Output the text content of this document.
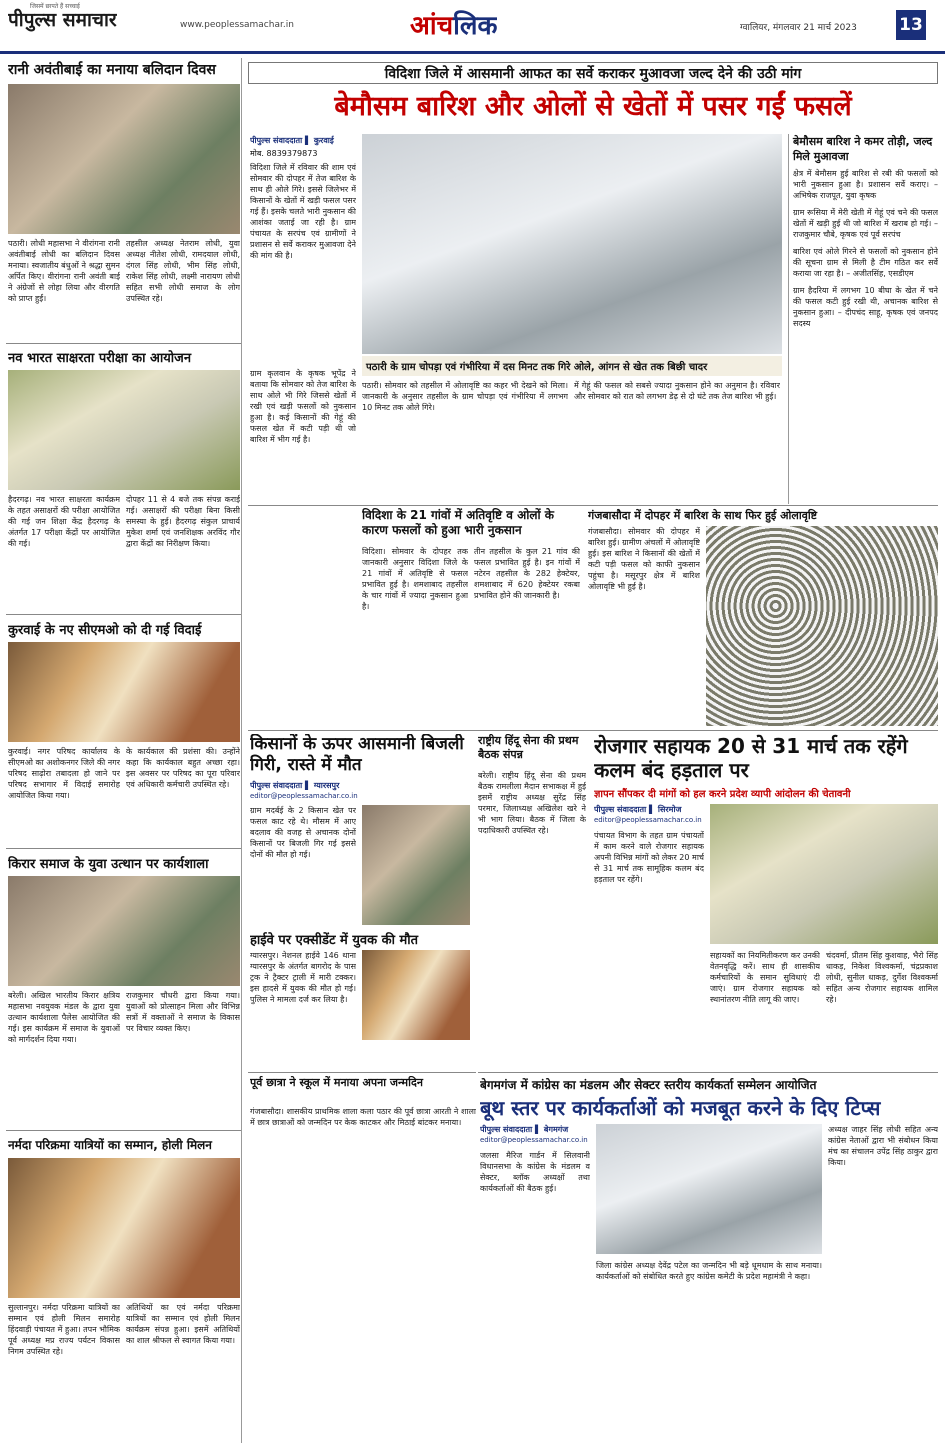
जिसमें छापते हैं सच्चाई
पीपुल्स समाचार	www.peoplessamachar.in	आंचलिक	ग्वालियर, मंगलवार 21 मार्च 2023 13
रानी अवंतीबाई का मनाया बलिदान दिवस
पठारी। लोधी महासभा ने वीरांगना रानी अवंतीबाई लोधी का बलिदान दिवस मनाया। स्वजातीय बंधुओं ने श्रद्धा सुमन अर्पित किए। वीरांगना रानी अवंती बाई ने अंग्रेजों से लोहा लिया और वीरगति को प्राप्त हुईं।
तहसील अध्यक्ष नेतराम लोधी, युवा अध्यक्ष नीतेश लोधी, रामदयाल लोधी, दंगल सिंह लोधी, भीम सिंह लोधी, राकेश सिंह लोधी, लक्ष्मी नारायण लोधी सहित सभी लोधी समाज के लोग उपस्थित रहे।
नव भारत साक्षरता परीक्षा का आयोजन
हैदरगढ़। नव भारत साक्षरता कार्यक्रम के तहत असाक्षरों की परीक्षा आयोजित की गई जन शिक्षा केंद्र हैदरगढ़ के अंतर्गत 17 परीक्षा केंद्रों पर आयोजित की गई।
दोपहर 11 से 4 बजे तक संपन्न कराई गई। असाक्षरों की परीक्षा बिना किसी समस्या के हुई। हैदरगढ़ संकुल प्राचार्य मुकेश शर्मा एवं जनशिक्षक अरविंद गौर द्वारा केंद्रों का निरीक्षण किया।
कुरवाई के नए सीएमओ को दी गई विदाई
कुरवाई। नगर परिषद कार्यालय के सीएमओ का अशोकनगर जिले की नगर परिषद साढ़ोरा तबादला हो जाने पर परिषद सभागार में विदाई समारोह आयोजित किया गया।
के कार्यकाल की प्रशंसा की। उन्होंने कहा कि कार्यकाल बहुत अच्छा रहा। इस अवसर पर परिषद का पूरा परिवार एवं अधिकारी कर्मचारी उपस्थित रहे।
किरार समाज के युवा उत्थान पर कार्यशाला
बरेली। अखिल भारतीय किरार क्षत्रिय महासभा नवयुवक मंडल के द्वारा युवा उत्थान कार्यशाला पैलेस आयोजित की गई। इस कार्यक्रम में समाज के युवाओं को मार्गदर्शन दिया गया।
राजकुमार चौधरी द्वारा किया गया। युवाओं को प्रोत्साहन मिला और विभिन्न सत्रों में वक्ताओं ने समाज के विकास पर विचार व्यक्त किए।
नर्मदा परिक्रमा यात्रियों का सम्मान, होली मिलन
सुल्तानपुर। नर्मदा परिक्रमा यात्रियों का सम्मान एवं होली मिलन समारोह हिंदवाड़ी पंचायत में हुआ। तपन भौमिक पूर्व अध्यक्ष मप्र राज्य पर्यटन विकास निगम उपस्थित रहे।
अतिथियों का एवं नर्मदा परिक्रमा यात्रियों का सम्मान एवं होली मिलन कार्यक्रम संपन्न हुआ। इसमें अतिथियों का शाल श्रीफल से स्वागत किया गया।
विदिशा जिले में आसमानी आफत का सर्वे कराकर मुआवजा जल्द देने की उठी मांग
बेमौसम बारिश और ओलों से खेतों में पसर गईं फसलें
पीपुल्स संवाददाता ▌ कुरवाई
मोब. 8839379873
विदिशा जिले में रविवार की शाम एवं सोमवार की दोपहर में तेज बारिश के साथ ही ओले गिरे। इससे जिलेभर में किसानों के खेतों में खड़ी फसल पसर गई हैं। इसके चलते भारी नुकसान की आशंका जताई जा रही है। ग्राम पंचायत के सरपंच एवं ग्रामीणों ने प्रशासन से सर्वे कराकर मुआवजा देने की मांग की है।
ग्राम कृलवान के कृषक भूपेंद्र ने बताया कि सोमवार को तेज बारिश के साथ ओले भी गिरे जिससे खेतों में रखी एवं खड़ी फसलों को नुकसान हुआ है। कई किसानों की गेहूं की फसल खेत में कटी पड़ी थी जो बारिश में भीग गई है।
पठारी के ग्राम चोपड़ा एवं गंभीरिया में दस मिनट तक गिरे ओले, आंगन से खेत तक बिछी चादर
पठारी। सोमवार को तहसील में ओलावृष्टि का कहर भी देखने को मिला। जानकारी के अनुसार तहसील के ग्राम चोपड़ा एवं गंभीरिया में लगभग 10 मिनट तक ओले गिरे।
में गेहूं की फसल को सबसे ज्यादा नुकसान होने का अनुमान है। रविवार और सोमवार को रात को लगभग डेढ़ से दो घंटे तक तेज बारिश भी हुई।
बेमौसम बारिश ने कमर तोड़ी, जल्द मिले मुआवजा
क्षेत्र में बेमौसम हुई बारिश से रबी की फसलों को भारी नुकसान हुआ है। प्रशासन सर्वे कराए। – अभिषेक राजपूत, युवा कृषक
ग्राम रूसिया में मेरी खेती में गेहूं एवं चने की फसल खेतों में खड़ी हुई थी जो बारिश में खराब हो गई। – राजकुमार चौबे, कृषक एवं पूर्व सरपंच
बारिश एवं ओले गिरने से फसलों को नुकसान होने की सूचना ग्राम से मिली है टीम गठित कर सर्वे कराया जा रहा है। – अजीतसिंह, एसडीएम
ग्राम हैदरिया में लगभग 10 बीघा के खेत में चने की फसल कटी हुई रखी थी, अचानक बारिश से नुकसान हुआ। – दीपचंद साहू, कृषक एवं जनपद सदस्य
विदिशा के 21 गांवों में अतिवृष्टि व ओलों के कारण फसलों को हुआ भारी नुकसान
विदिशा। सोमवार के दोपहर तक जानकारी अनुसार विदिशा जिले के 21 गांवों में अतिवृष्टि से फसल प्रभावित हुई है। शमशाबाद तहसील के चार गांवों में ज्यादा नुकसान हुआ है।
तीन तहसील के कुल 21 गांव की फसल प्रभावित हुई है। इन गांवों में नटेरन तहसील के 282 हेक्टेयर, शमशाबाद में 620 हेक्टेयर रकबा प्रभावित होने की जानकारी है।
गंजबासौदा में दोपहर में बारिश के साथ फिर हुई ओलावृष्टि
गंजबासौदा। सोमवार की दोपहर में बारिश हुई। ग्रामीण अंचलों में ओलावृष्टि हुई। इस बारिश ने किसानों की खेतों में कटी पड़ी फसल को काफी नुकसान पहुंचा है। मसूरपुर क्षेत्र में बारिश ओलावृष्टि भी हुई है।
किसानों के ऊपर आसमानी बिजली गिरी, रास्ते में मौत
पीपुल्स संवाददाता ▌ ग्यारसपुर
editor@peoplessamachar.co.in
ग्राम मदर्बई के 2 किसान खेत पर फसल काट रहे थे। मौसम में आए बदलाव की वजह से अचानक दोनों किसानों पर बिजली गिर गई इससे दोनों की मौत हो गई।
हाईवे पर एक्सीडेंट में युवक की मौत
ग्यारसपुर। नेशनल हाईवे 146 थाना ग्यारसपुर के अंतर्गत बागरोद के पास ट्रक ने ट्रैक्टर ट्राली में मारी टक्कर। इस हादसे में युवक की मौत हो गई। पुलिस ने मामला दर्ज कर लिया है।
पूर्व छात्रा ने स्कूल में मनाया अपना जन्मदिन
गंजबासौदा। शासकीय प्राथमिक शाला कला पठार की पूर्व छात्रा आरती ने शाला में छात्र छात्राओं को जन्मदिन पर केक काटकर और मिठाई बांटकर मनाया।
राष्ट्रीय हिंदू सेना की प्रथम बैठक संपन्न
बरेली। राष्ट्रीय हिंदू सेना की प्रथम बैठक रामलीला मैदान सभाकक्ष में हुई इसमें राष्ट्रीय अध्यक्ष सुरेंद्र सिंह परमार, जिलाध्यक्ष अखिलेश खरे ने भी भाग लिया। बैठक में जिला के पदाधिकारी उपस्थित रहे।
रोजगार सहायक 20 से 31 मार्च तक रहेंगे कलम बंद हड़ताल पर
ज्ञापन सौंपकर दी मांगों को हल करने प्रदेश व्यापी आंदोलन की चेतावनी
पीपुल्स संवाददाता ▌ सिरमोज
editor@peoplessamachar.co.in
पंचायत विभाग के तहत ग्राम पंचायतों में काम करने वाले रोजगार सहायक अपनी विभिन्न मांगों को लेकर 20 मार्च से 31 मार्च तक सामूहिक कलम बंद हड़ताल पर रहेंगे।
सहायकों का नियमितीकरण कर उनकी वेतनवृद्धि करें। साथ ही शासकीय कर्मचारियों के समान सुविधाएं दी जाएं। ग्राम रोजगार सहायक को स्थानांतरण नीति लागू की जाए।
चंदवर्मा, प्रीतम सिंह कुशवाह, भैरो सिंह धाकड़, निकेश विश्वकर्मा, चंद्रप्रकाश लोधी, सुनील धाकड़, दुर्गेश विश्वकर्मा सहित अन्य रोजगार सहायक शामिल रहे।
बेगमगंज में कांग्रेस का मंडलम और सेक्टर स्तरीय कार्यकर्ता सम्मेलन आयोजित
बूथ स्तर पर कार्यकर्ताओं को मजबूत करने के दिए टिप्स
पीपुल्स संवाददाता ▌ बेगमगंज
editor@peoplessamachar.co.in
जलसा मैरिज गार्डन में सिलवानी विधानसभा के कांग्रेस के मंडलम व सेक्टर, ब्लॉक अध्यक्षों तथा कार्यकर्ताओं की बैठक हुई।
जिला कांग्रेस अध्यक्ष देवेंद्र पटेल का जन्मदिन भी बड़े धूमधाम के साथ मनाया। कार्यकर्ताओं को संबोधित करते हुए कांग्रेस कमेटी के प्रदेश महामंत्री ने कहा।
अध्यक्ष जाहर सिंह लोधी सहित अन्य कांग्रेस नेताओं द्वारा भी संबोधन किया मंच का संचालन उपेंद्र सिंह ठाकुर द्वारा किया।
